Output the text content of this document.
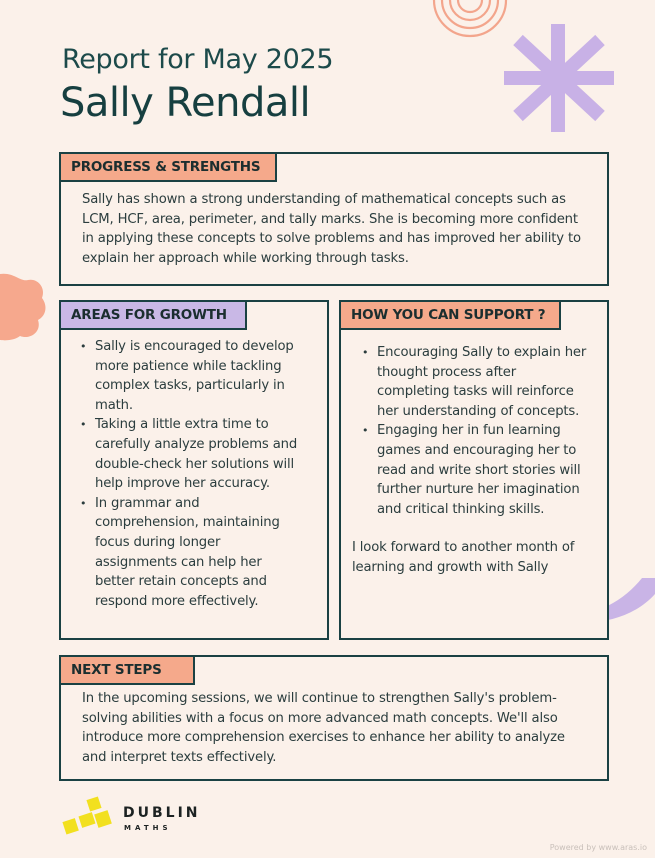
Report for May 2025
Sally Rendall
PROGRESS & STRENGTHS
Sally has shown a strong understanding of mathematical concepts such as
LCM, HCF, area, perimeter, and tally marks. She is becoming more confident
in applying these concepts to solve problems and has improved her ability to
explain her approach while working through tasks.
AREAS FOR GROWTH
• Sally is encouraged to develop
more patience while tackling
complex tasks, particularly in
math.
• Taking a little extra time to
carefully analyze problems and
double-check her solutions will
help improve her accuracy.
• In grammar and
comprehension, maintaining
focus during longer
assignments can help her
better retain concepts and
respond more effectively.
HOW YOU CAN SUPPORT ?
• Encouraging Sally to explain her
thought process after
completing tasks will reinforce
her understanding of concepts.
• Engaging her in fun learning
games and encouraging her to
read and write short stories will
further nurture her imagination
and critical thinking skills.
I look forward to another month of
learning and growth with Sally
NEXT STEPS
In the upcoming sessions, we will continue to strengthen Sally's problem-
solving abilities with a focus on more advanced math concepts. We'll also
introduce more comprehension exercises to enhance her ability to analyze
and interpret texts effectively.
DUBLIN
MATHS
Powered by www.aras.io
